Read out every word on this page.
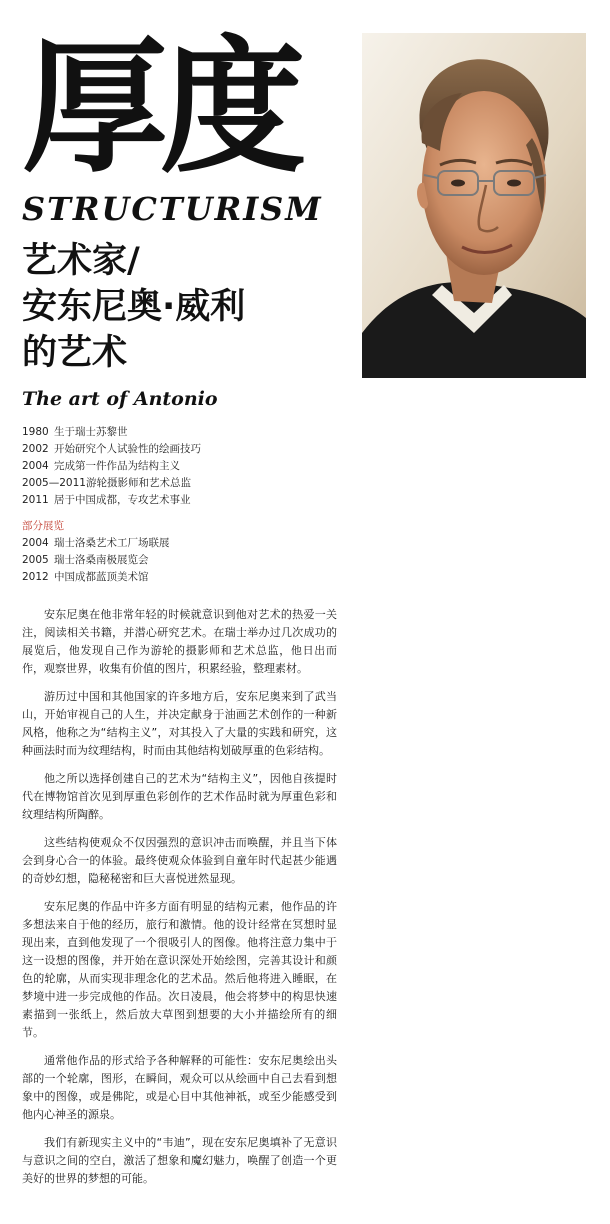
厚度
STRUCTURISM
艺术家/
安东尼奥·威利
的艺术
The art of Antonio
1980 生于瑞士苏黎世
2002 开始研究个人试验性的绘画技巧
2004 完成第一件作品为结构主义
2005—2011游轮摄影师和艺术总监
2011 居于中国成都，专攻艺术事业
部分展览
2004 瑞士洛桑艺术工厂场联展
2005 瑞士洛桑南极展览会
2012 中国成都蓝顶美术馆

安东尼奥在他非常年轻的时候就意识到他对艺术的热爱一关注，阅读相关书籍，并潜心研究艺术。在瑞士举办过几次成功的展览后，他发现自己作为游轮的摄影师和艺术总监，他日出而作，观察世界，收集有价值的图片，积累经验，整理素材。

游历过中国和其他国家的许多地方后，安东尼奥来到了武当山，开始审视自己的人生，并决定献身于油画艺术创作的一种新风格，他称之为“结构主义”，对其投入了大量的实践和研究，这种画法时而为纹理结构，时而由其他结构划破厚重的色彩结构。

他之所以选择创建自己的艺术为“结构主义”，因他自孩提时代在博物馆首次见到厚重色彩创作的艺术作品时就为厚重色彩和纹理结构所陶醉。

这些结构使观众不仅因强烈的意识冲击而唤醒，并且当下体会到身心合一的体验。最终使观众体验到自童年时代起甚少能遇的奇妙幻想，隐秘秘密和巨大喜悦迸然显现。

安东尼奥的作品中许多方面有明显的结构元素，他作品的许多想法来自于他的经历，旅行和激情。他的设计经常在冥想时显现出来，直到他发现了一个很吸引人的图像。他将注意力集中于这一设想的图像，并开始在意识深处开始绘图，完善其设计和颜色的轮廓，从而实现非理念化的艺术品。然后他将进入睡眠，在梦境中进一步完成他的作品。次日凌晨，他会将梦中的构思快速素描到一张纸上，然后放大草图到想要的大小并描绘所有的细节。

通常他作品的形式给予各种解释的可能性：安东尼奥绘出头部的一个轮廓，图形，在瞬间，观众可以从绘画中自己去看到想象中的图像，或是佛陀，或是心目中其他神祇，或至少能感受到他内心神圣的源泉。

我们有新现实主义中的“韦迪”，现在安东尼奥填补了无意识与意识之间的空白，激活了想象和魔幻魅力，唤醒了创造一个更美好的世界的梦想的可能。
